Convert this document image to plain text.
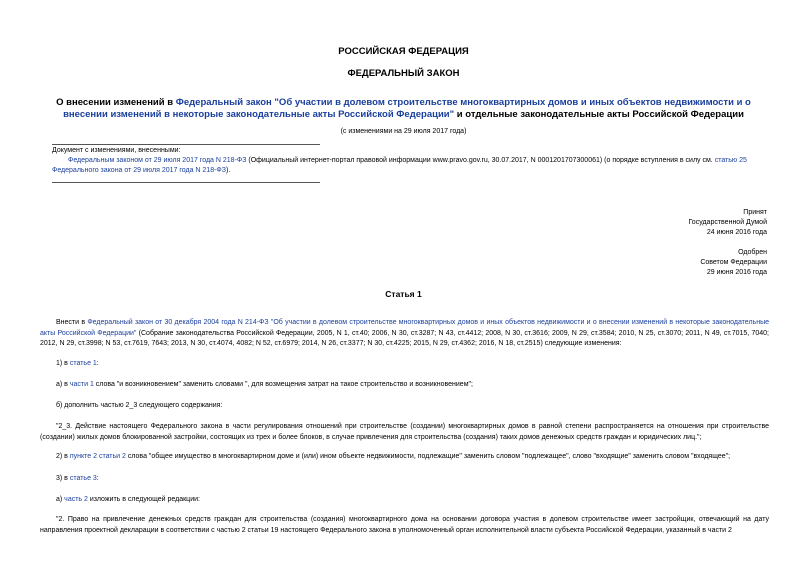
РОССИЙСКАЯ ФЕДЕРАЦИЯ
ФЕДЕРАЛЬНЫЙ ЗАКОН
О внесении изменений в Федеральный закон "Об участии в долевом строительстве многоквартирных домов и иных объектов недвижимости и о внесении изменений в некоторые законодательные акты Российской Федерации" и отдельные законодательные акты Российской Федерации
(с изменениями на 29 июля 2017 года)
Документ с изменениями, внесенными:
Федеральным законом от 29 июля 2017 года N 218-ФЗ (Официальный интернет-портал правовой информации www.pravo.gov.ru, 30.07.2017, N 0001201707300061) (о порядке вступления в силу см. статью 25 Федерального закона от 29 июля 2017 года N 218-ФЗ).
Принят
Государственной Думой
24 июня 2016 года
Одобрен
Советом Федерации
29 июня 2016 года
Статья 1
Внести в Федеральный закон от 30 декабря 2004 года N 214-ФЗ "Об участии в долевом строительстве многоквартирных домов и иных объектов недвижимости и о внесении изменений в некоторые законодательные акты Российской Федерации" (Собрание законодательства Российской Федерации, 2005, N 1, ст.40; 2006, N 30, ст.3287; N 43, ст.4412; 2008, N 30, ст.3616; 2009, N 29, ст.3584; 2010, N 25, ст.3070; 2011, N 49, ст.7015, 7040; 2012, N 29, ст.3998; N 53, ст.7619, 7643; 2013, N 30, ст.4074, 4082; N 52, ст.6979; 2014, N 26, ст.3377; N 30, ст.4225; 2015, N 29, ст.4362; 2016, N 18, ст.2515) следующие изменения:
1) в статье 1:
а) в части 1 слова "и возникновением" заменить словами ", для возмещения затрат на такое строительство и возникновением";
б) дополнить частью 2_3 следующего содержания:
"2_3. Действие настоящего Федерального закона в части регулирования отношений при строительстве (создании) многоквартирных домов в равной степени распространяется на отношения при строительстве (создании) жилых домов блокированной застройки, состоящих из трех и более блоков, в случае привлечения для строительства (создания) таких домов денежных средств граждан и юридических лиц.";
2) в пункте 2 статьи 2 слова "общее имущество в многоквартирном доме и (или) ином объекте недвижимости, подлежащие" заменить словом "подлежащее", слово "входящие" заменить словом "входящее";
3) в статье 3:
а) часть 2 изложить в следующей редакции:
"2. Право на привлечение денежных средств граждан для строительства (создания) многоквартирного дома на основании договора участия в долевом строительстве имеет застройщик, отвечающий на дату направления проектной декларации в соответствии с частью 2 статьи 19 настоящего Федерального закона в уполномоченный орган исполнительной власти субъекта Российской Федерации, указанный в части 2
